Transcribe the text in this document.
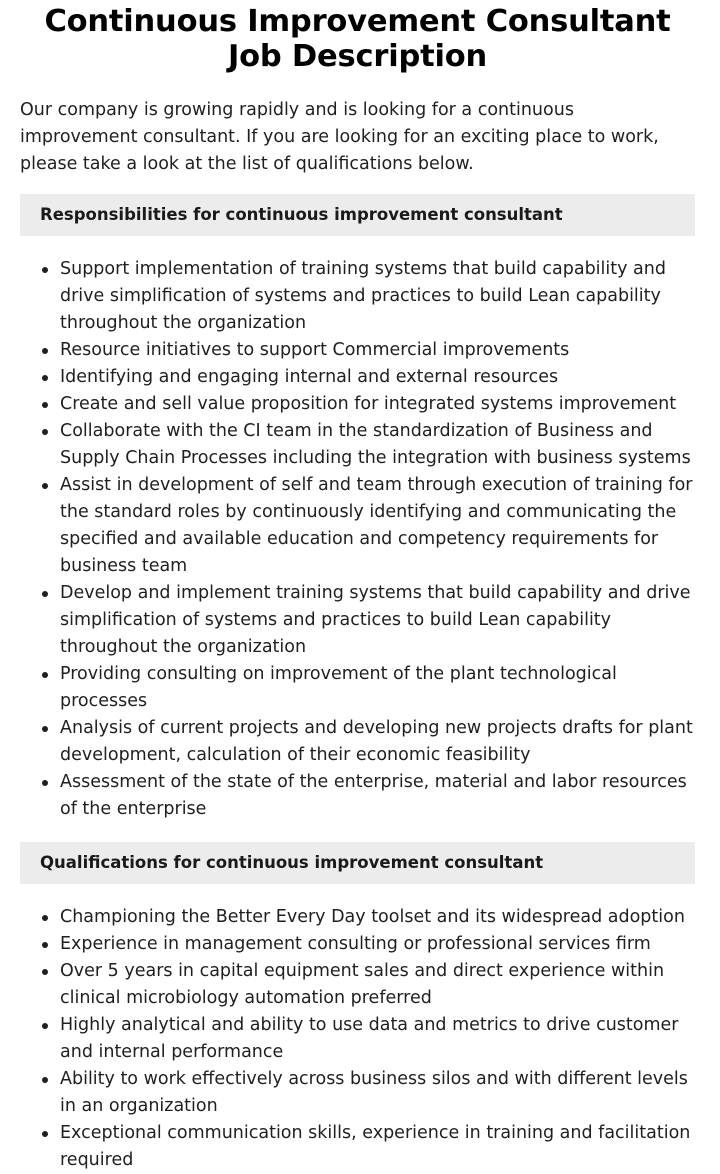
Continuous Improvement Consultant Job Description

Our company is growing rapidly and is looking for a continuous improvement consultant. If you are looking for an exciting place to work, please take a look at the list of qualifications below.

Responsibilities for continuous improvement consultant
Support implementation of training systems that build capability and drive simplification of systems and practices to build Lean capability throughout the organization
Resource initiatives to support Commercial improvements
Identifying and engaging internal and external resources
Create and sell value proposition for integrated systems improvement
Collaborate with the CI team in the standardization of Business and Supply Chain Processes including the integration with business systems
Assist in development of self and team through execution of training for the standard roles by continuously identifying and communicating the specified and available education and competency requirements for business team
Develop and implement training systems that build capability and drive simplification of systems and practices to build Lean capability throughout the organization
Providing consulting on improvement of the plant technological processes
Analysis of current projects and developing new projects drafts for plant development, calculation of their economic feasibility
Assessment of the state of the enterprise, material and labor resources of the enterprise
Qualifications for continuous improvement consultant
Championing the Better Every Day toolset and its widespread adoption
Experience in management consulting or professional services firm
Over 5 years in capital equipment sales and direct experience within clinical microbiology automation preferred
Highly analytical and ability to use data and metrics to drive customer and internal performance
Ability to work effectively across business silos and with different levels in an organization
Exceptional communication skills, experience in training and facilitation required
